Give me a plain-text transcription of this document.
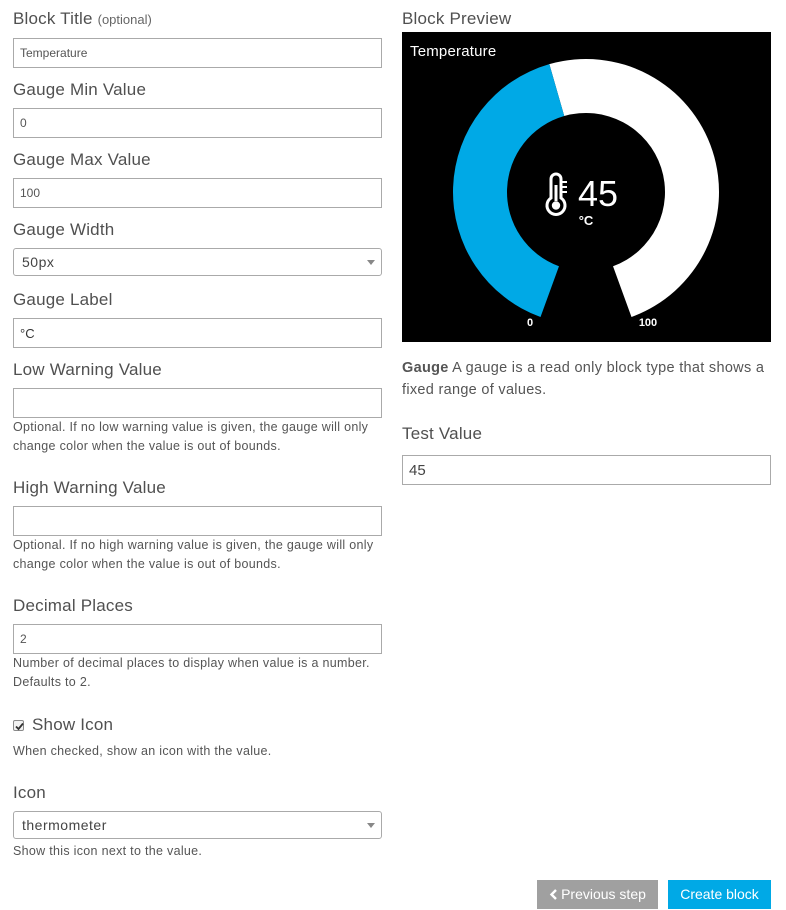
Block Title (optional)
Temperature
Gauge Min Value
0
Gauge Max Value
100
Gauge Width
50px
Gauge Label
°C
Low Warning Value
Optional. If no low warning value is given, the gauge will only change color when the value is out of bounds.
High Warning Value
Optional. If no high warning value is given, the gauge will only change color when the value is out of bounds.
Decimal Places
2
Number of decimal places to display when value is a number. Defaults to 2.
Show Icon
When checked, show an icon with the value.
Icon
thermometer
Show this icon next to the value.
Block Preview
Temperature
45
°C
0	100
Gauge A gauge is a read only block type that shows a fixed range of values.
Test Value
45
Previous step	Create block
